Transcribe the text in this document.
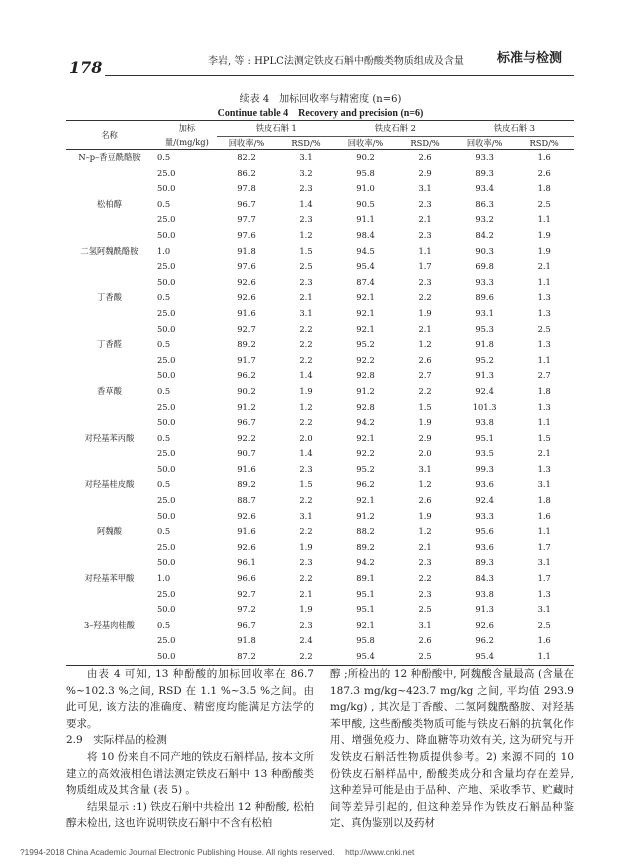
178	李岩, 等 : HPLC法测定铁皮石斛中酚酸类物质组成及含量	标准与检测
续表 4　加标回收率与精密度 (n=6)
Continue table 4　Recovery and precision (n=6)
名称	加标量/(mg/kg)	铁皮石斛 1		铁皮石斛 2		铁皮石斛 3	
		回收率/%	RSD/%	回收率/%	RSD/%	回收率/%	RSD/%
N–p–香豆酰酪胺	0.5	82.2	3.1	90.2	2.6	93.3	1.6
	25.0	86.2	3.2	95.8	2.9	89.3	2.6
	50.0	97.8	2.3	91.0	3.1	93.4	1.8
松柏醇	0.5	96.7	1.4	90.5	2.3	86.3	2.5
	25.0	97.7	2.3	91.1	2.1	93.2	1.1
	50.0	97.6	1.2	98.4	2.3	84.2	1.9
二氢阿魏酰酪胺	1.0	91.8	1.5	94.5	1.1	90.3	1.9
	25.0	97.6	2.5	95.4	1.7	69.8	2.1
	50.0	92.6	2.3	87.4	2.3	93.3	1.1
丁香酸	0.5	92.6	2.1	92.1	2.2	89.6	1.3
	25.0	91.6	3.1	92.1	1.9	93.1	1.3
	50.0	92.7	2.2	92.1	2.1	95.3	2.5
丁香醛	0.5	89.2	2.2	95.2	1.2	91.8	1.3
	25.0	91.7	2.2	92.2	2.6	95.2	1.1
	50.0	96.2	1.4	92.8	2.7	91.3	2.7
香草酸	0.5	90.2	1.9	91.2	2.2	92.4	1.8
	25.0	91.2	1.2	92.8	1.5	101.3	1.3
	50.0	96.7	2.2	94.2	1.9	93.8	1.1
对羟基苯丙酸	0.5	92.2	2.0	92.1	2.9	95.1	1.5
	25.0	90.7	1.4	92.2	2.0	93.5	2.1
	50.0	91.6	2.3	95.2	3.1	99.3	1.3
对羟基桂皮酸	0.5	89.2	1.5	96.2	1.2	93.6	3.1
	25.0	88.7	2.2	92.1	2.6	92.4	1.8
	50.0	92.6	3.1	91.2	1.9	93.3	1.6
阿魏酸	0.5	91.6	2.2	88.2	1.2	95.6	1.1
	25.0	92.6	1.9	89.2	2.1	93.6	1.7
	50.0	96.1	2.3	94.2	2.3	89.3	3.1
对羟基苯甲酸	1.0	96.6	2.2	89.1	2.2	84.3	1.7
	25.0	92.7	2.1	95.1	2.3	93.8	1.3
	50.0	97.2	1.9	95.1	2.5	91.3	3.1
3–羟基肉桂酸	0.5	96.7	2.3	92.1	3.1	92.6	2.5
	25.0	91.8	2.4	95.8	2.6	96.2	1.6
	50.0	87.2	2.2	95.4	2.5	95.4	1.1
由表 4 可知, 13 种酚酸的加标回收率在 86.7 %~102.3 %之间, RSD 在 1.1 %~3.5 %之间。由此可见, 该方法的准确度、精密度均能满足方法学的要求。
2.9　实际样品的检测
将 10 份来自不同产地的铁皮石斛样品, 按本文所建立的高效液相色谱法测定铁皮石斛中 13 种酚酸类物质组成及其含量 (表 5) 。
结果显示 :1) 铁皮石斛中共检出 12 种酚酸, 松柏醇未检出, 这也许说明铁皮石斛中不含有松柏
醇 ;所检出的 12 种酚酸中, 阿魏酸含量最高 (含量在 187.3 mg/kg~423.7 mg/kg 之间, 平均值 293.9 mg/kg) , 其次是丁香酸、二氢阿魏酰酪胺、对羟基苯甲酸, 这些酚酸类物质可能与铁皮石斛的抗氧化作用、增强免疫力、降血糖等功效有关, 这为研究与开发铁皮石斛活性物质提供参考。2) 来源不同的 10 份铁皮石斛样品中, 酚酸类成分和含量均存在差异, 这种差异可能是由于品种、产地、采收季节、贮藏时间等差异引起的, 但这种差异作为铁皮石斛品种鉴定、真伪鉴别以及药材
?1994-2018 China Academic Journal Electronic Publishing House. All rights reserved.　 http://www.cnki.net
